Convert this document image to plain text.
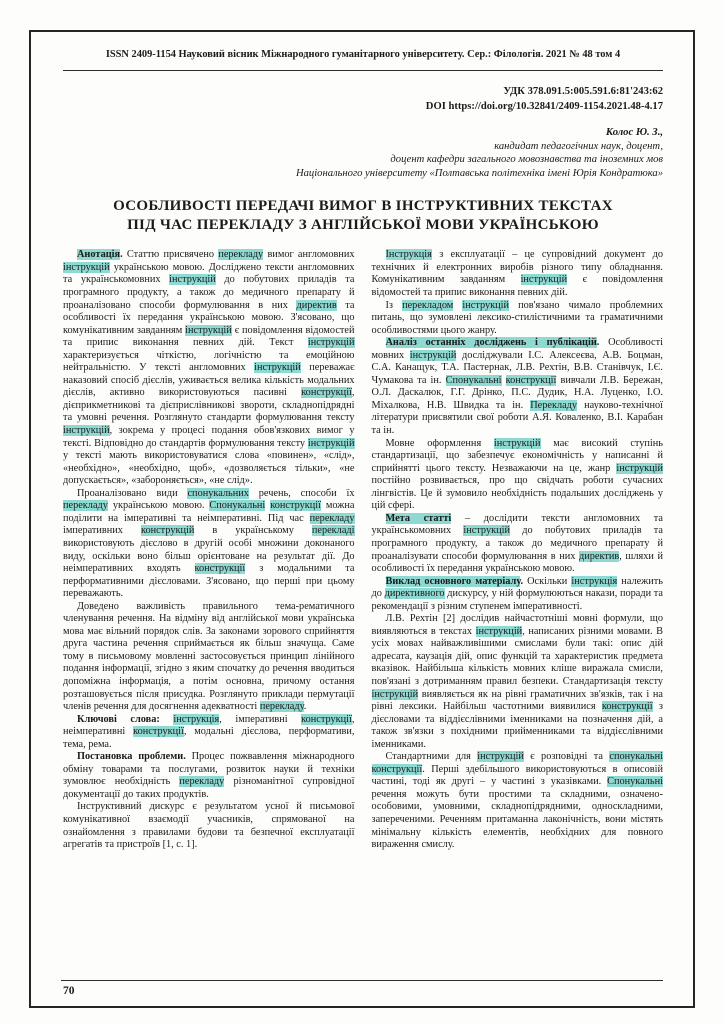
ISSN 2409-1154 Науковий вісник Міжнародного гуманітарного університету. Сер.: Філологія. 2021 № 48 том 4
УДК 378.091.5:005.591.6:81'243:62
DOI https://doi.org/10.32841/2409-1154.2021.48-4.17
Колос Ю. З.,
кандидат педагогічних наук, доцент,
доцент кафедри загального мовознавства та іноземних мов
Національного університету «Полтавська політехніка імені Юрія Кондратюка»
ОСОБЛИВОСТІ ПЕРЕДАЧІ ВИМОГ В ІНСТРУКТИВНИХ ТЕКСТАХ
ПІД ЧАС ПЕРЕКЛАДУ З АНГЛІЙСЬКОЇ МОВИ УКРАЇНСЬКОЮ

Анотація. Статтю присвячено перекладу вимог англомовних інструкцій українською мовою. Досліджено тексти англомовних та українськомовних інструкцій до побутових приладів та програмного продукту, а також до медичного препарату й проаналізовано способи формулювання в них директив та особливості їх передання українською мовою. З'ясовано, що комунікативним завданням інструкцій є повідомлення відомостей та припис виконання певних дій. Текст інструкцій характеризується чіткістю, логічністю та емоційною нейтральністю. У тексті англомовних інструкцій переважає наказовий спосіб дієслів, уживається велика кількість модальних дієслів, активно використовуються пасивні конструкції, дієприкметникові та дієприслівникові звороти, складнопідрядні та умовні речення. Розглянуто стандарти формулювання тексту інструкцій, зокрема у процесі подання обов'язкових вимог у тексті. Відповідно до стандартів формулювання тексту інструкцій у тексті мають використовуватися слова «повинен», «слід», «необхідно», «необхідно, щоб», «дозволяється тільки», «не допускається», «забороняється», «не слід».

Проаналізовано види спонукальних речень, способи їх перекладу українською мовою. Спонукальні конструкції можна поділити на імперативні та неімперативні. Під час перекладу імперативних конструкцій в українському перекладі використовують дієслово в другій особі множини доконаного виду, оскільки воно більш орієнтоване на результат дії. До неімперативних входять конструкції з модальними та перформативними дієсловами. З'ясовано, що перші при цьому переважають.

Доведено важливість правильного тема-рематичного членування речення. На відміну від англійської мови українська мова має вільний порядок слів. За законами зорового сприйняття друга частина речення сприймається як більш значуща. Саме тому в письмовому мовленні застосовується принцип лінійного подання інформації, згідно з яким спочатку до речення вводиться допоміжна інформація, а потім основна, причому остання розташовується після присудка. Розглянуто приклади пермутації членів речення для досягнення адекватності перекладу.

Ключові слова: інструкція, імперативні конструкції, неімперативні конструкції, модальні дієслова, перформативи, тема, рема.

Постановка проблеми. Процес пожвавлення міжнародного обміну товарами та послугами, розвиток науки й техніки зумовлює необхідність перекладу різноманітної супровідної документації до таких продуктів.

Інструктивний дискурс є результатом усної й письмової комунікативної взаємодії учасників, спрямованої на ознайомлення з правилами будови та безпечної експлуатації агрегатів та пристроїв [1, с. 1].

Інструкція з експлуатації – це супровідний документ до технічних й електронних виробів різного типу обладнання. Комунікативним завданням інструкцій є повідомлення відомостей та припис виконання певних дій.

Із перекладом інструкцій пов'язано чимало проблемних питань, що зумовлені лексико-стилістичними та граматичними особливостями цього жанру.

Аналіз останніх досліджень і публікацій. Особливості мовних інструкцій досліджували І.С. Алексеєва, А.В. Боцман, С.А. Канащук, Т.А. Пастернак, Л.В. Рехтін, В.В. Станівчук, І.Є. Чумакова та ін. Спонукальні конструкції вивчали Л.В. Бережан, О.Л. Даскалюк, Г.Г. Дрінко, П.С. Дудик, Н.А. Луценко, І.О. Міхалкова, Н.В. Швидка та ін. Перекладу науково-технічної літератури присвятили свої роботи А.Я. Коваленко, В.І. Карабан та ін.

Мовне оформлення інструкцій має високий ступінь стандартизації, що забезпечує економічність у написанні й сприйнятті цього тексту. Незважаючи на це, жанр інструкцій постійно розвивається, про що свідчать роботи сучасних лінгвістів. Це й зумовило необхідність подальших досліджень у цій сфері.

Мета статті – дослідити тексти англомовних та українськомовних інструкцій до побутових приладів та програмного продукту, а також до медичного препарату й проаналізувати способи формулювання в них директив, шляхи й особливості їх передання українською мовою.

Виклад основного матеріалу. Оскільки інструкція належить до директивного дискурсу, у ній формулюються накази, поради та рекомендації з різним ступенем імперативності.

Л.В. Рехтін [2] дослідив найчастотніші мовні формули, що виявляються в текстах інструкцій, написаних різними мовами. В усіх мовах найважливішими смислами були такі: опис дій адресата, каузація дій, опис функцій та характеристик предмета вказівок. Найбільша кількість мовних кліше виражала смисли, пов'язані з дотриманням правил безпеки. Стандартизація тексту інструкцій виявляється як на рівні граматичних зв'язків, так і на рівні лексики. Найбільш частотними виявилися конструкції з дієсловами та віддієслівними іменниками на позначення дій, а також зв'язки з похідними прийменниками та віддієслівними іменниками.

Стандартними для інструкцій є розповідні та спонукальні конструкції. Перші здебільшого використовуються в описовій частині, тоді як другі – у частині з указівками. Спонукальні речення можуть бути простими та складними, означено-особовими, умовними, складнопідрядними, односкладними, запереченими. Реченням притаманна лаконічність, вони містять мінімальну кількість елементів, необхідних для повного вираження смислу.

70
